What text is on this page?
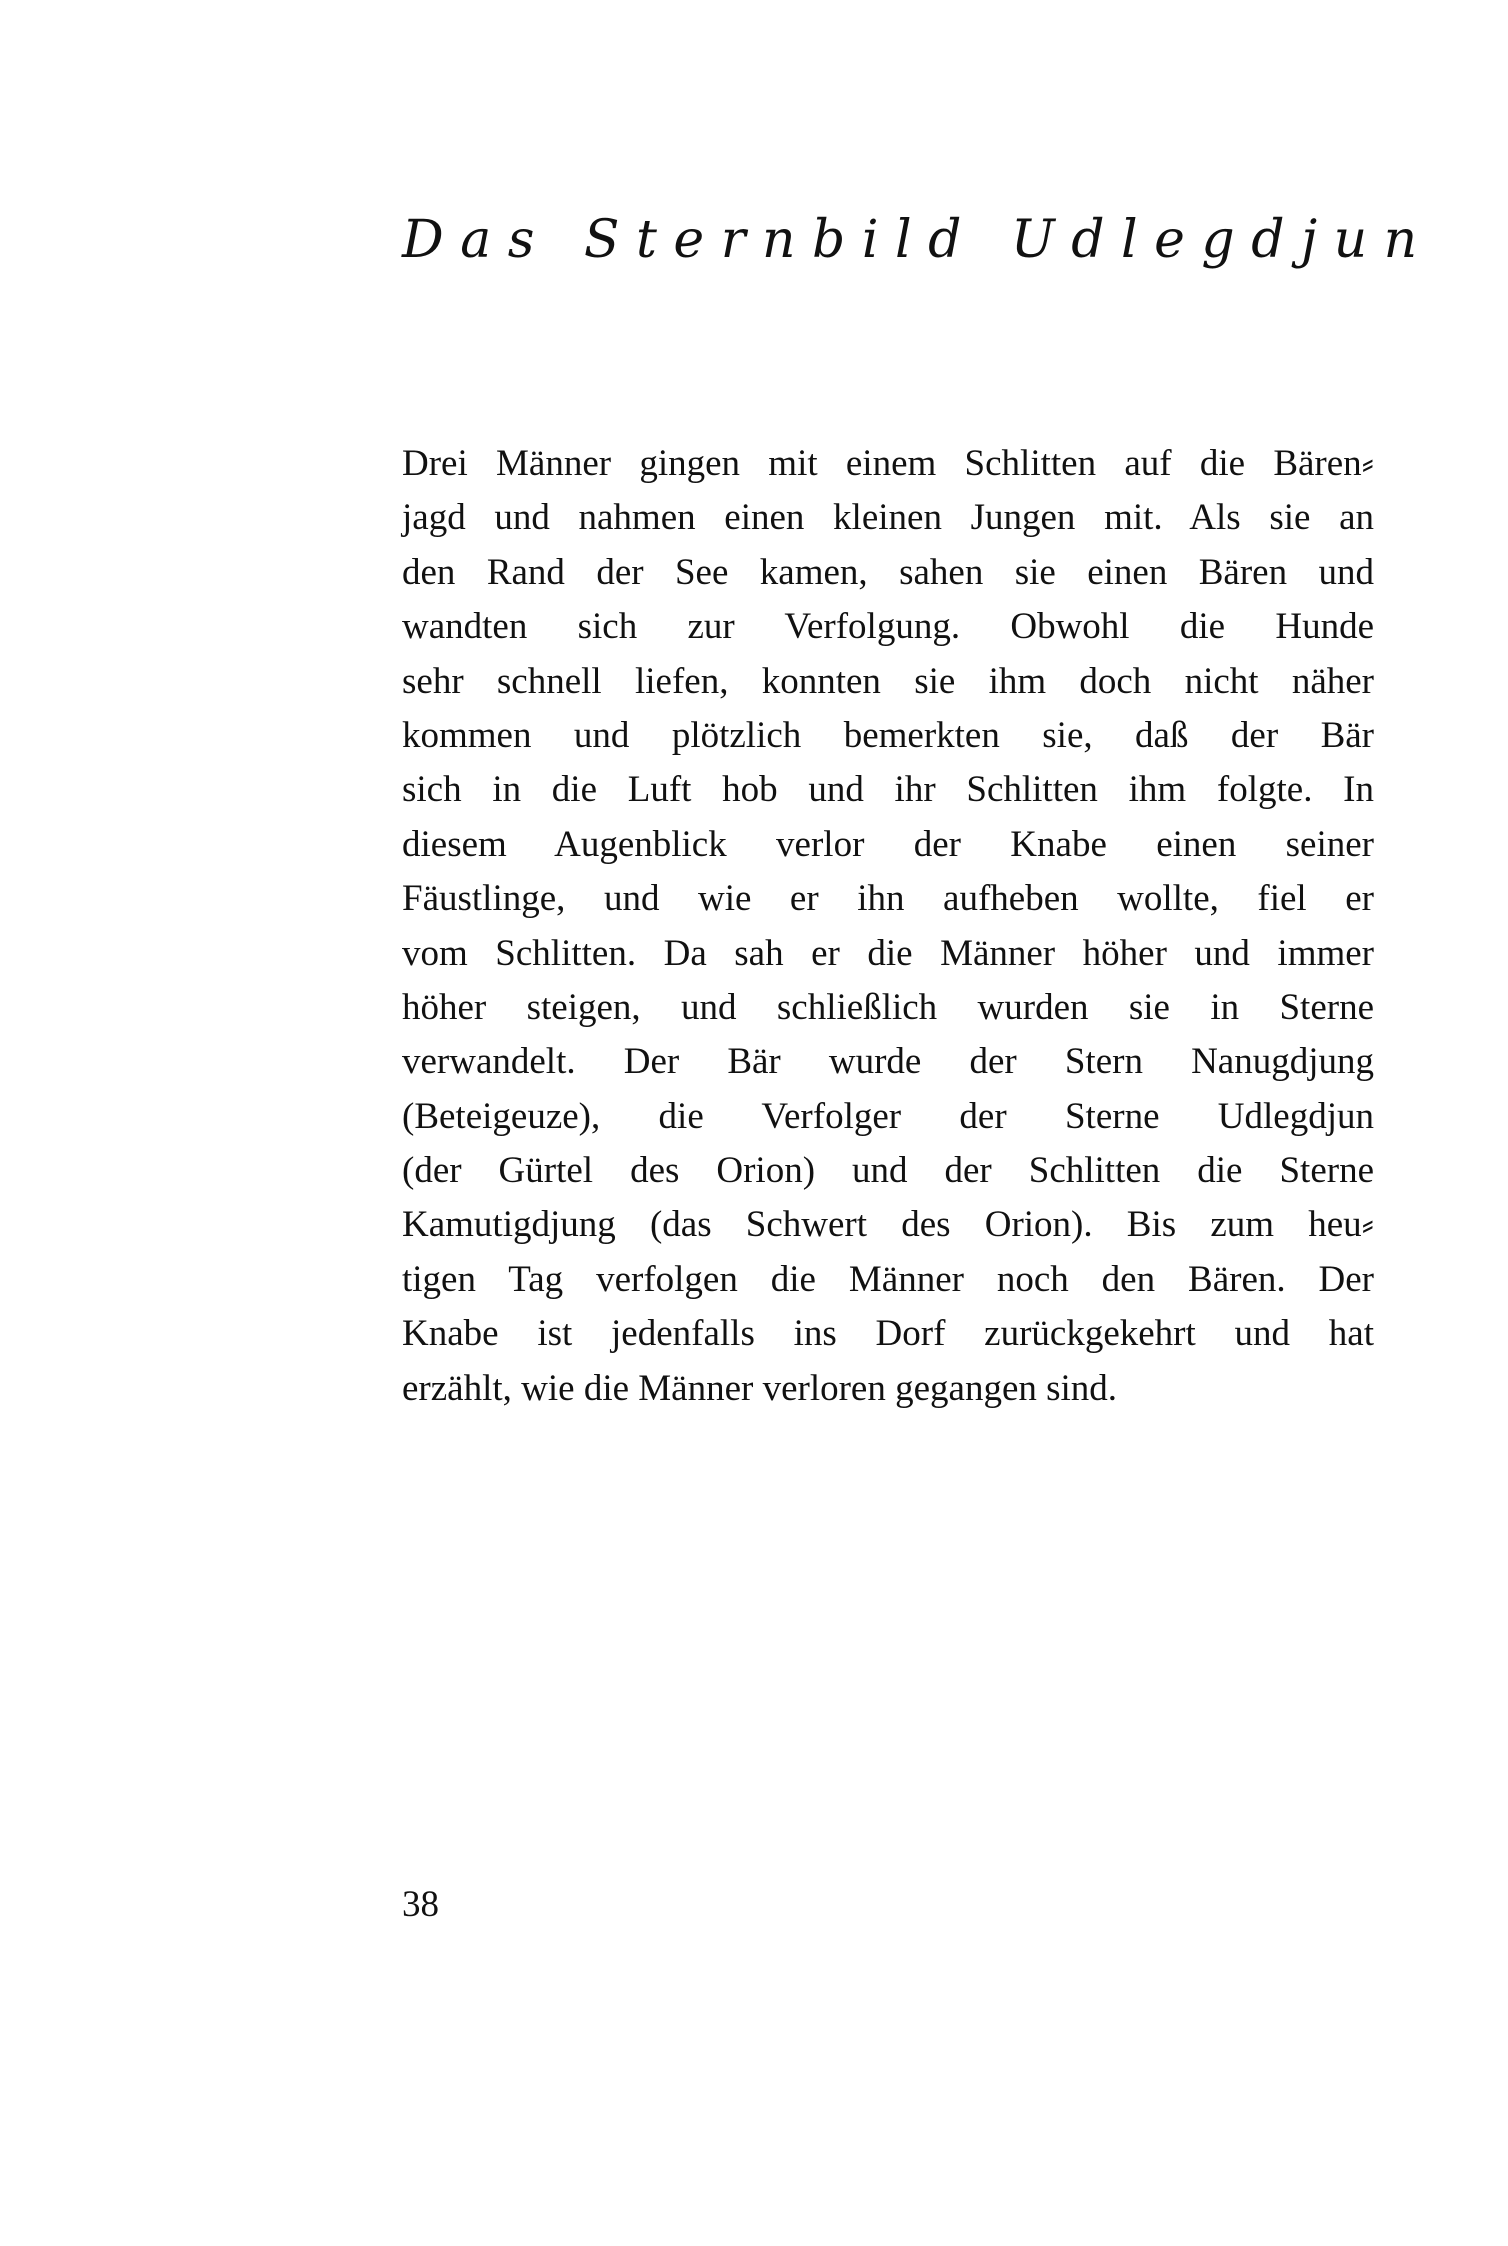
Das Sternbild Udlegdjun
Drei Männer gingen mit einem Schlitten auf die Bären⸗
jagd und nahmen einen kleinen Jungen mit. Als sie an
den Rand der See kamen, sahen sie einen Bären und
wandten sich zur Verfolgung. Obwohl die Hunde
sehr schnell liefen, konnten sie ihm doch nicht näher
kommen und plötzlich bemerkten sie, daß der Bär
sich in die Luft hob und ihr Schlitten ihm folgte. In
diesem Augenblick verlor der Knabe einen seiner
Fäustlinge, und wie er ihn aufheben wollte, fiel er
vom Schlitten. Da sah er die Männer höher und immer
höher steigen, und schließlich wurden sie in Sterne
verwandelt. Der Bär wurde der Stern Nanugdjung
(Beteigeuze), die Verfolger der Sterne Udlegdjun
(der Gürtel des Orion) und der Schlitten die Sterne
Kamutigdjung (das Schwert des Orion). Bis zum heu⸗
tigen Tag verfolgen die Männer noch den Bären. Der
Knabe ist jedenfalls ins Dorf zurückgekehrt und hat
erzählt, wie die Männer verloren gegangen sind.

38
